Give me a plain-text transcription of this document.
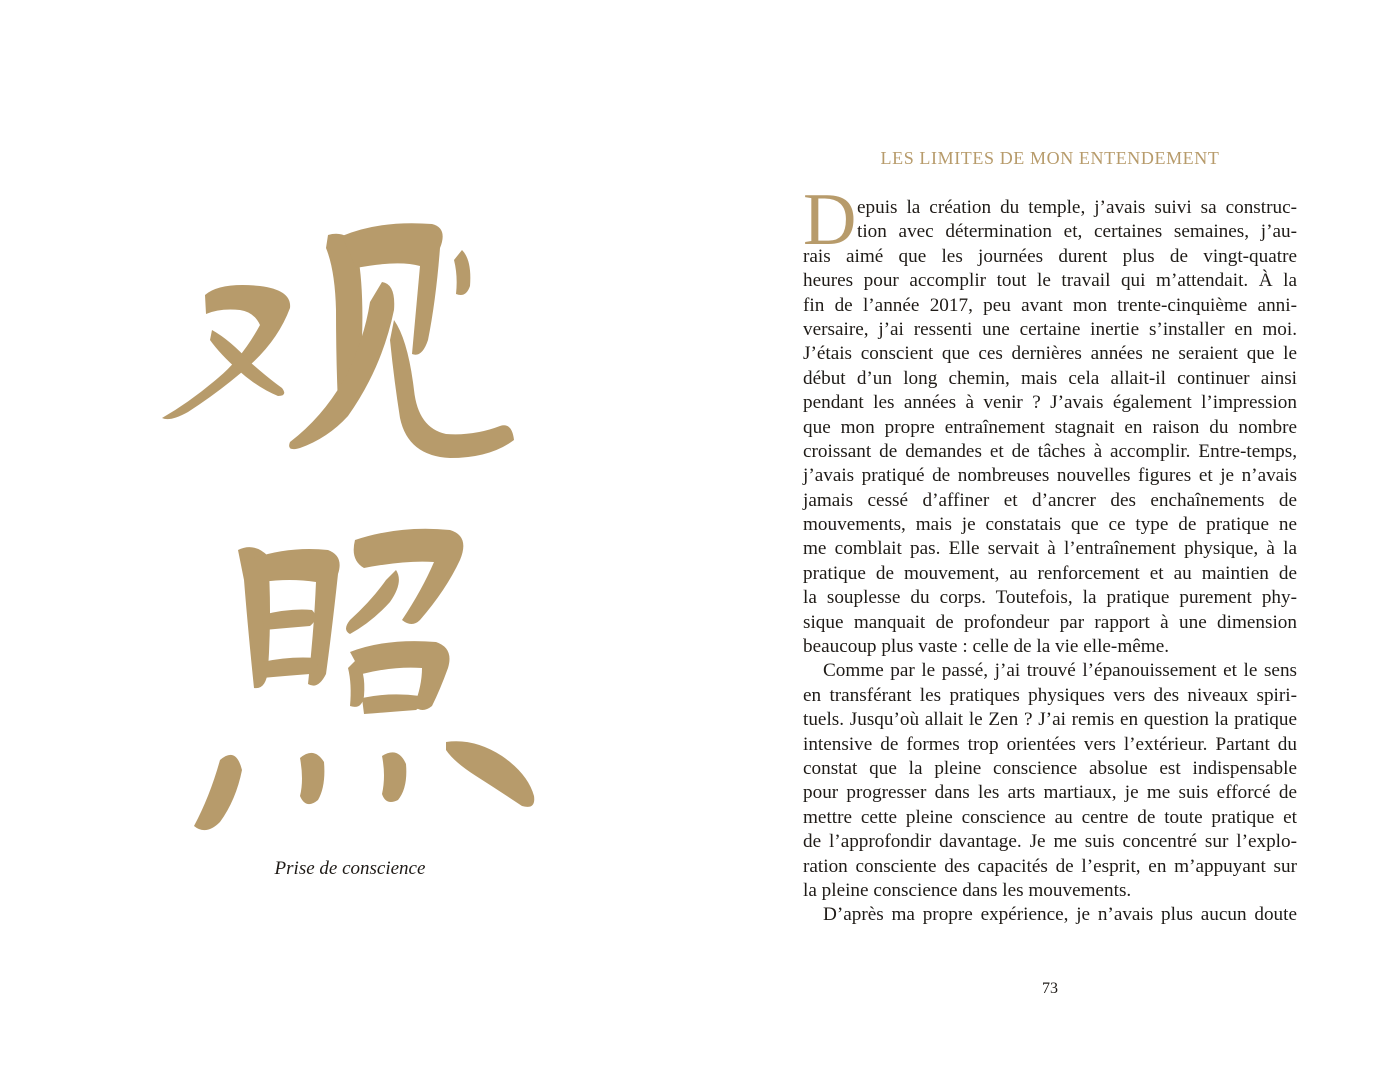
Prise de conscience
LES LIMITES DE MON ENTENDEMENT
D epuis la création du temple, j’avais suivi sa construc-
tion avec détermination et, certaines semaines, j’au-
rais aimé que les journées durent plus de vingt-quatre
heures pour accomplir tout le travail qui m’attendait. À la
fin de l’année 2017, peu avant mon trente-cinquième anni-
versaire, j’ai ressenti une certaine inertie s’installer en moi.
J’étais conscient que ces dernières années ne seraient que le
début d’un long chemin, mais cela allait-il continuer ainsi
pendant les années à venir ? J’avais également l’impression
que mon propre entraînement stagnait en raison du nombre
croissant de demandes et de tâches à accomplir. Entre-temps,
j’avais pratiqué de nombreuses nouvelles figures et je n’avais
jamais cessé d’affiner et d’ancrer des enchaînements de
mouvements, mais je constatais que ce type de pratique ne
me comblait pas. Elle servait à l’entraînement physique, à la
pratique de mouvement, au renforcement et au maintien de
la souplesse du corps. Toutefois, la pratique purement phy-
sique manquait de profondeur par rapport à une dimension
beaucoup plus vaste : celle de la vie elle-même.
Comme par le passé, j’ai trouvé l’épanouissement et le sens
en transférant les pratiques physiques vers des niveaux spiri-
tuels. Jusqu’où allait le Zen ? J’ai remis en question la pratique
intensive de formes trop orientées vers l’extérieur. Partant du
constat que la pleine conscience absolue est indispensable
pour progresser dans les arts martiaux, je me suis efforcé de
mettre cette pleine conscience au centre de toute pratique et
de l’approfondir davantage. Je me suis concentré sur l’explo-
ration consciente des capacités de l’esprit, en m’appuyant sur
la pleine conscience dans les mouvements.
D’après ma propre expérience, je n’avais plus aucun doute
73
